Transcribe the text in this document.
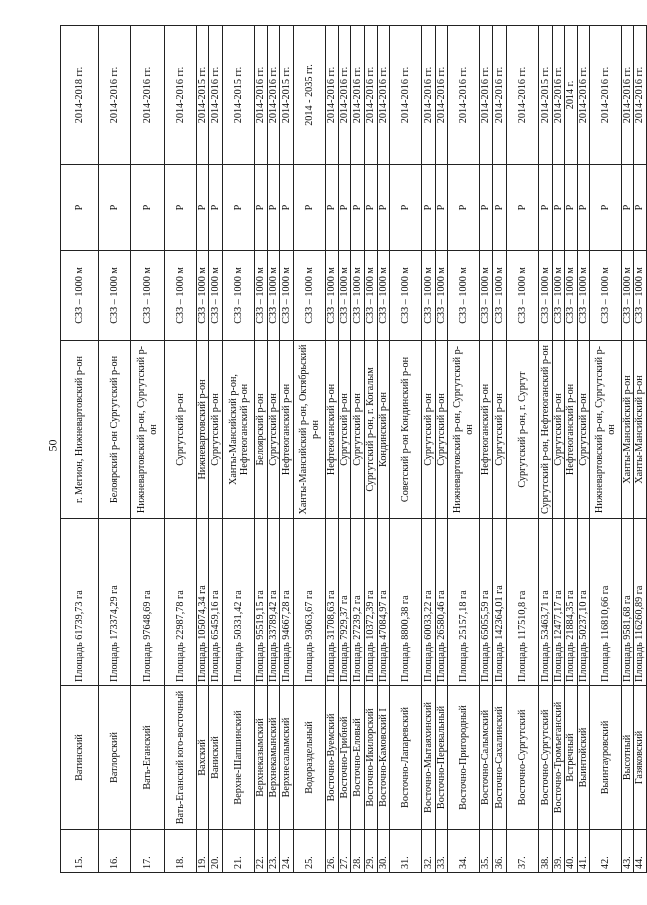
50
15.	Ватинский	Площадь 61739,73 га	г. Мегион, Нижневартовский р-он	СЗЗ – 1000 м	Р	2014-2018 гг.
16.	Ватлорский	Площадь 173374,29 га	Белоярский р-он Сургутский р-он	СЗЗ – 1000 м	Р	2014-2016 гг.
17.	Вать-Еганский	Площадь 97648,69 га	Нижневартовский р-он, Сургутский р-он	СЗЗ – 1000 м	Р	2014-2016 гг.
18.	Вать-Еганский юго-восточный	Площадь 22987,78 га	Сургутский р-он	СЗЗ – 1000 м	Р	2014-2016 гг.
19.	Вахский	Площадь 105074,34 га	Нижневартовский р-он	СЗЗ – 1000 м	Р	2014-2015 гг.
20.	Ваниский	Площадь 65459,16 га	Сургутский р-он	СЗЗ – 1000 м	Р	2014-2016 гг.
21.	Верхне-Шапшинский	Площадь 50331,42 га	Ханты-Мансийский р-он, Нефтеюганский р-он	СЗЗ – 1000 м	Р	2014-2015 гг.
22.	Верхнеказымский	Площадь 95519,15 га	Белоярский р-он	СЗЗ – 1000 м	Р	2014-2016 гг.
23.	Верхнекамынский	Площадь 33789,42 га	Сургутский р-он	СЗЗ – 1000 м	Р	2014-2016 гг.
24.	Верхнесалымский	Площадь 94667,28 га	Нефтеюганский р-он	СЗЗ – 1000 м	Р	2014-2015 гг.
25.	Водораздельный	Площадь 93063,67 га	Ханты-Мансийский р-он, Октябрьский р-он	СЗЗ – 1000 м	Р	2014 - 2035 гг.
26.	Восточно-Вуемский	Площадь 31708,63 га	Нефтеюганский р-он	СЗЗ – 1000 м	Р	2014-2016 гг.
27.	Восточно-Грибной	Площадь 7929,37 га	Сургутский р-он	СЗЗ – 1000 м	Р	2014-2016 гг.
28.	Восточно-Еловый	Площадь 27239,2 га	Сургутский р-он	СЗЗ – 1000 м	Р	2014-2016 гг.
29.	Восточно-Икилорский	Площадь 10372,39 га	Сургутский р-он, г. Когалым	СЗЗ – 1000 м	Р	2014-2016 гг.
30.	Восточно-Камовский I	Площадь 47084,97 га	Кондинский р-он	СЗЗ – 1000 м	Р	2014-2016 гг.
31.	Восточно-Лапаревский	Площадь 8800,38 га	Советский р-он Кондинский р-он	СЗЗ – 1000 м	Р	2014-2016 гг.
32.	Восточно-Мытаяхинский	Площадь 60033,22 га	Сургутский р-он	СЗЗ – 1000 м	Р	2014-2016 гг.
33.	Восточно-Перевальный	Площадь 26580,46 га	Сургутский р-он	СЗЗ – 1000 м	Р	2014-2016 гг.
34.	Восточно-Пригородный	Площадь 25157,18 га	Нижневартовский р-он, Сургутский р-он	СЗЗ – 1000 м	Р	2014-2016 гг.
35.	Восточно-Салымский	Площадь 65055,59 га	Нефтеюганский р-он	СЗЗ – 1000 м	Р	2014-2016 гг.
36.	Восточно-Сахалинский	Площадь 142364,01 га	Сургутский р-он	СЗЗ – 1000 м	Р	2014-2016 гг.
37.	Восточно-Сургутский	Площадь 117510,8 га	Сургутский р-он, г. Сургут	СЗЗ – 1000 м	Р	2014-2016 гг.
38.	Восточно-Сургутский	Площадь 53463,71 га	Сургутский р-он, Нефтеюганский р-он	СЗЗ – 1000 м	Р	2014-2015 гг.
39.	Восточно-Тромъеганский	Площадь 12477,17 га	Сургутский р-он	СЗЗ – 1000 м	Р	2014-2016 гг.
40.	Встречный	Площадь 21884,35 га	Нефтеюганский р-он	СЗЗ – 1000 м	Р	2014 г.
41.	Выинтойский	Площадь 50237,10 га	Сургутский р-он	СЗЗ – 1000 м	Р	2014-2016 гг.
42.	Выинтауровский	Площадь 116810,66 га	Нижневартовский р-он, Сургутский р-он	СЗЗ – 1000 м	Р	2014-2016 гг.
43.	Высотный	Площадь 9581,68 га	Ханты-Мансийский р-он	СЗЗ – 1000 м	Р	2014-2016 гг.
44.	Газяковский	Площадь 116260,89 га	Ханты-Мансийский р-он	СЗЗ – 1000 м	Р	2014-2016 гг.
